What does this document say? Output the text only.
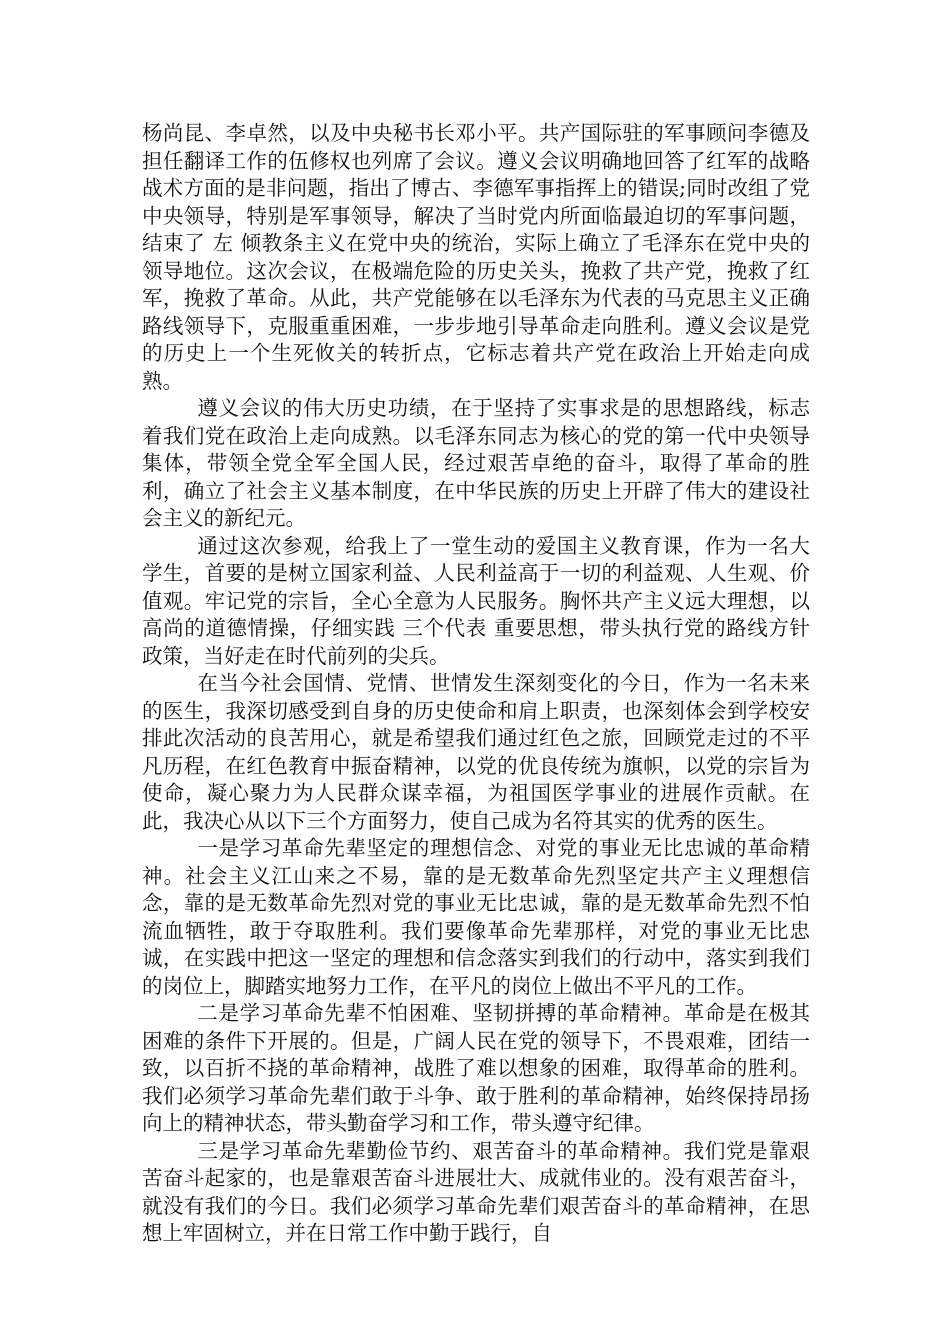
杨尚昆、李卓然，以及中央秘书长邓小平。共产国际驻的军事顾问李德及担任翻译工作的伍修权也列席了会议。遵义会议明确地回答了红军的战略战术方面的是非问题，指出了博古、李德军事指挥上的错误;同时改组了党中央领导，特别是军事领导，解决了当时党内所面临最迫切的军事问题，结束了 左 倾教条主义在党中央的统治，实际上确立了毛泽东在党中央的领导地位。这次会议，在极端危险的历史关头，挽救了共产党，挽救了红军，挽救了革命。从此，共产党能够在以毛泽东为代表的马克思主义正确路线领导下，克服重重困难，一步步地引导革命走向胜利。遵义会议是党的历史上一个生死攸关的转折点，它标志着共产党在政治上开始走向成熟。

遵义会议的伟大历史功绩，在于坚持了实事求是的思想路线，标志着我们党在政治上走向成熟。以毛泽东同志为核心的党的第一代中央领导集体，带领全党全军全国人民，经过艰苦卓绝的奋斗，取得了革命的胜利，确立了社会主义基本制度，在中华民族的历史上开辟了伟大的建设社会主义的新纪元。

通过这次参观，给我上了一堂生动的爱国主义教育课，作为一名大学生，首要的是树立国家利益、人民利益高于一切的利益观、人生观、价值观。牢记党的宗旨，全心全意为人民服务。胸怀共产主义远大理想，以高尚的道德情操，仔细实践 三个代表 重要思想，带头执行党的路线方针政策，当好走在时代前列的尖兵。

在当今社会国情、党情、世情发生深刻变化的今日，作为一名未来的医生，我深切感受到自身的历史使命和肩上职责，也深刻体会到学校安排此次活动的良苦用心，就是希望我们通过红色之旅，回顾党走过的不平凡历程，在红色教育中振奋精神，以党的优良传统为旗帜，以党的宗旨为使命，凝心聚力为人民群众谋幸福，为祖国医学事业的进展作贡献。在此，我决心从以下三个方面努力，使自己成为名符其实的优秀的医生。

一是学习革命先辈坚定的理想信念、对党的事业无比忠诚的革命精神。社会主义江山来之不易，靠的是无数革命先烈坚定共产主义理想信念，靠的是无数革命先烈对党的事业无比忠诚，靠的是无数革命先烈不怕流血牺牲，敢于夺取胜利。我们要像革命先辈那样，对党的事业无比忠诚，在实践中把这一坚定的理想和信念落实到我们的行动中，落实到我们的岗位上，脚踏实地努力工作，在平凡的岗位上做出不平凡的工作。

二是学习革命先辈不怕困难、坚韧拼搏的革命精神。革命是在极其困难的条件下开展的。但是，广阔人民在党的领导下，不畏艰难，团结一致，以百折不挠的革命精神，战胜了难以想象的困难，取得革命的胜利。我们必须学习革命先辈们敢于斗争、敢于胜利的革命精神，始终保持昂扬向上的精神状态，带头勤奋学习和工作，带头遵守纪律。

三是学习革命先辈勤俭节约、艰苦奋斗的革命精神。我们党是靠艰苦奋斗起家的，也是靠艰苦奋斗进展壮大、成就伟业的。没有艰苦奋斗，就没有我们的今日。我们必须学习革命先辈们艰苦奋斗的革命精神，在思想上牢固树立，并在日常工作中勤于践行，自
